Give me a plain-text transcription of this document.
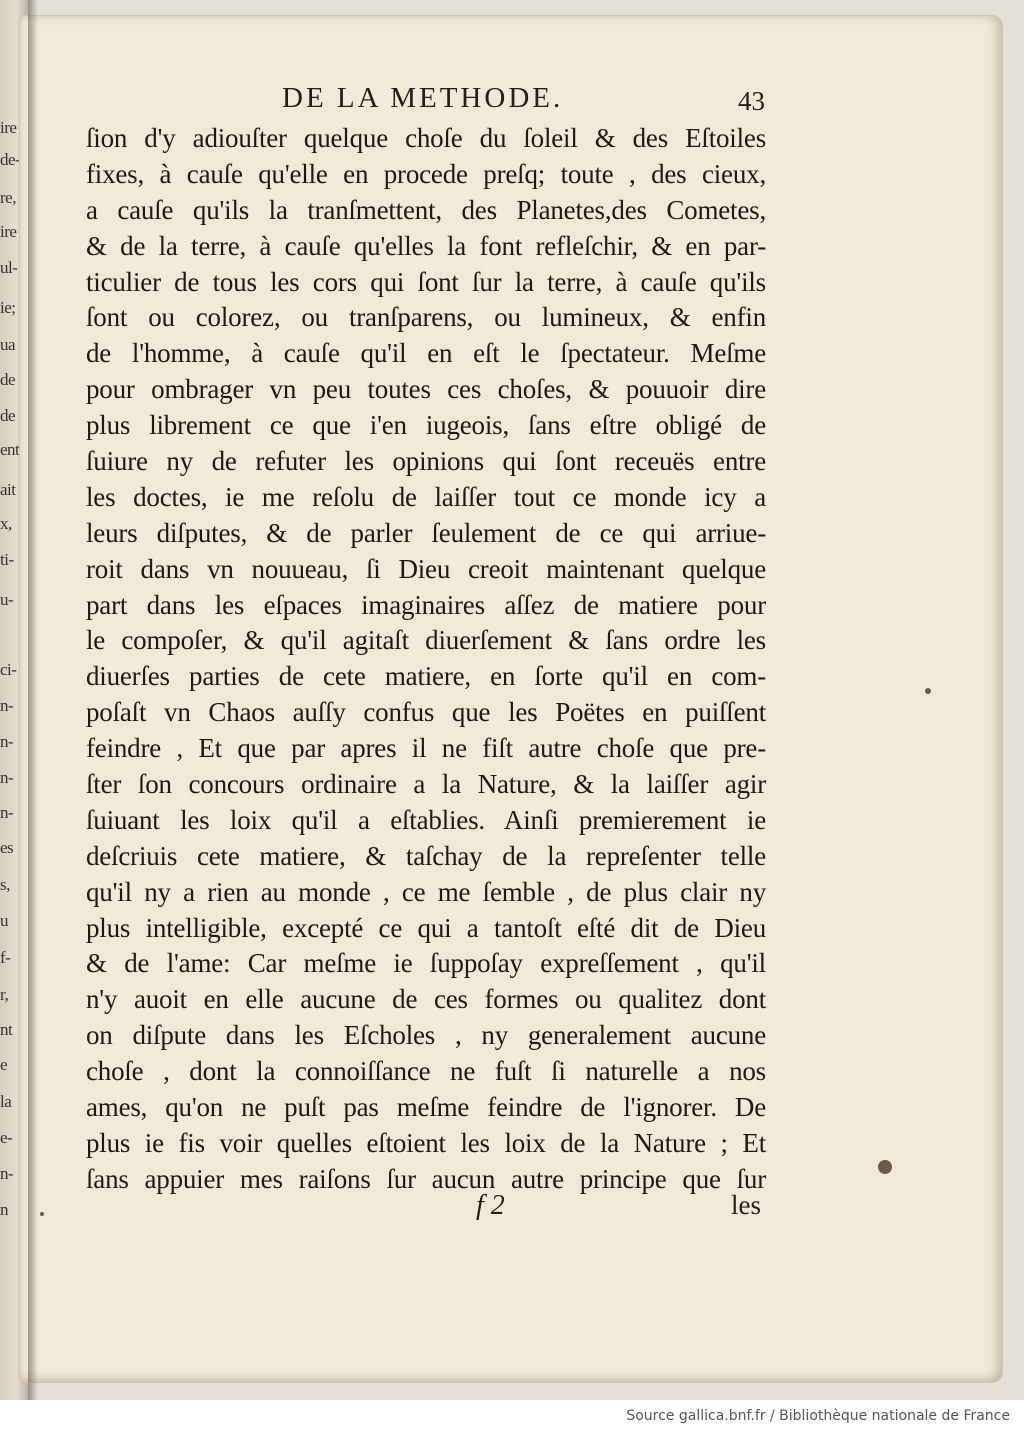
ire
de-
re,
ire
ul-
ie;
ua
de
de
ent
ait
x,
ti-
u-
ci-
n-
n-
n-
n-
es
s,
u
f-
r,
nt
e
la
e-
n-
n
DE LA METHODE.	43
ſion d'y adiouſter quelque choſe du ſoleil & des Eſtoiles
fixes, à cauſe qu'elle en procede preſq; toute , des cieux,
a cauſe qu'ils la tranſmettent, des Planetes,des Cometes,
& de la terre, à cauſe qu'elles la font refleſchir, & en par-
ticulier de tous les cors qui ſont ſur la terre, à cauſe qu'ils
ſont ou colorez, ou tranſparens, ou lumineux, & enfin
de l'homme, à cauſe qu'il en eſt le ſpectateur. Meſme
pour ombrager vn peu toutes ces choſes, & pouuoir dire
plus librement ce que i'en iugeois, ſans eſtre obligé de
ſuiure ny de refuter les opinions qui ſont receuës entre
les doctes, ie me reſolu de laiſſer tout ce monde icy a
leurs diſputes, & de parler ſeulement de ce qui arriue-
roit dans vn nouueau, ſi Dieu creoit maintenant quelque
part dans les eſpaces imaginaires aſſez de matiere pour
le compoſer, & qu'il agitaſt diuerſement & ſans ordre les
diuerſes parties de cete matiere, en ſorte qu'il en com-
poſaſt vn Chaos auſſy confus que les Poëtes en puiſſent
feindre , Et que par apres il ne fiſt autre choſe que pre-
ſter ſon concours ordinaire a la Nature, & la laiſſer agir
ſuiuant les loix qu'il a eſtablies. Ainſi premierement ie
deſcriuis cete matiere, & taſchay de la repreſenter telle
qu'il ny a rien au monde , ce me ſemble , de plus clair ny
plus intelligible, excepté ce qui a tantoſt eſté dit de Dieu
& de l'ame: Car meſme ie ſuppoſay expreſſement , qu'il
n'y auoit en elle aucune de ces formes ou qualitez dont
on diſpute dans les Eſcholes , ny generalement aucune
choſe , dont la connoiſſance ne fuſt ſi naturelle a nos
ames, qu'on ne puſt pas meſme feindre de l'ignorer. De
plus ie fis voir quelles eſtoient les loix de la Nature ; Et
ſans appuier mes raiſons ſur aucun autre principe que ſur
f 2	les
Source gallica.bnf.fr / Bibliothèque nationale de France
